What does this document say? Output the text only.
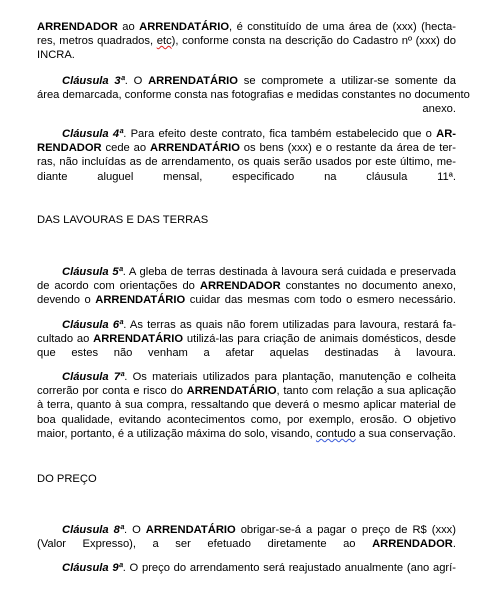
ARRENDADOR ao ARRENDATÁRIO, é constituído de uma área de (xxx) (hecta-
res, metros quadrados, etc), conforme consta na descrição do Cadastro nº (xxx) do
INCRA.
Cláusula 3ª. O ARRENDATÁRIO se compromete a utilizar-se somente da
área demarcada, conforme consta nas fotografias e medidas constantes no documento
anexo.
Cláusula 4ª. Para efeito deste contrato, fica também estabelecido que o AR-
RENDADOR cede ao ARRENDATÁRIO os bens (xxx) e o restante da área de ter-
ras, não incluídas as de arrendamento, os quais serão usados por este último, me-
diante aluguel mensal, especificado na cláusula 11ª.
DAS LAVOURAS E DAS TERRAS
Cláusula 5ª. A gleba de terras destinada à lavoura será cuidada e preservada
de acordo com orientações do ARRENDADOR constantes no documento anexo,
devendo o ARRENDATÁRIO cuidar das mesmas com todo o esmero necessário.
Cláusula 6ª. As terras as quais não forem utilizadas para lavoura, restará fa-
cultado ao ARRENDATÁRIO utilizá-las para criação de animais domésticos, desde
que estes não venham a afetar aquelas destinadas à lavoura.
Cláusula 7ª. Os materiais utilizados para plantação, manutenção e colheita
correrão por conta e risco do ARRENDATÁRIO, tanto com relação a sua aplicação
à terra, quanto à sua compra, ressaltando que deverá o mesmo aplicar material de
boa qualidade, evitando acontecimentos como, por exemplo, erosão. O objetivo
maior, portanto, é a utilização máxima do solo, visando, contudo a sua conservação.
DO PREÇO
Cláusula 8ª. O ARRENDATÁRIO obrigar-se-á a pagar o preço de R$ (xxx)
(Valor Expresso), a ser efetuado diretamente ao ARRENDADOR.
Cláusula 9ª. O preço do arrendamento será reajustado anualmente (ano agrí-
